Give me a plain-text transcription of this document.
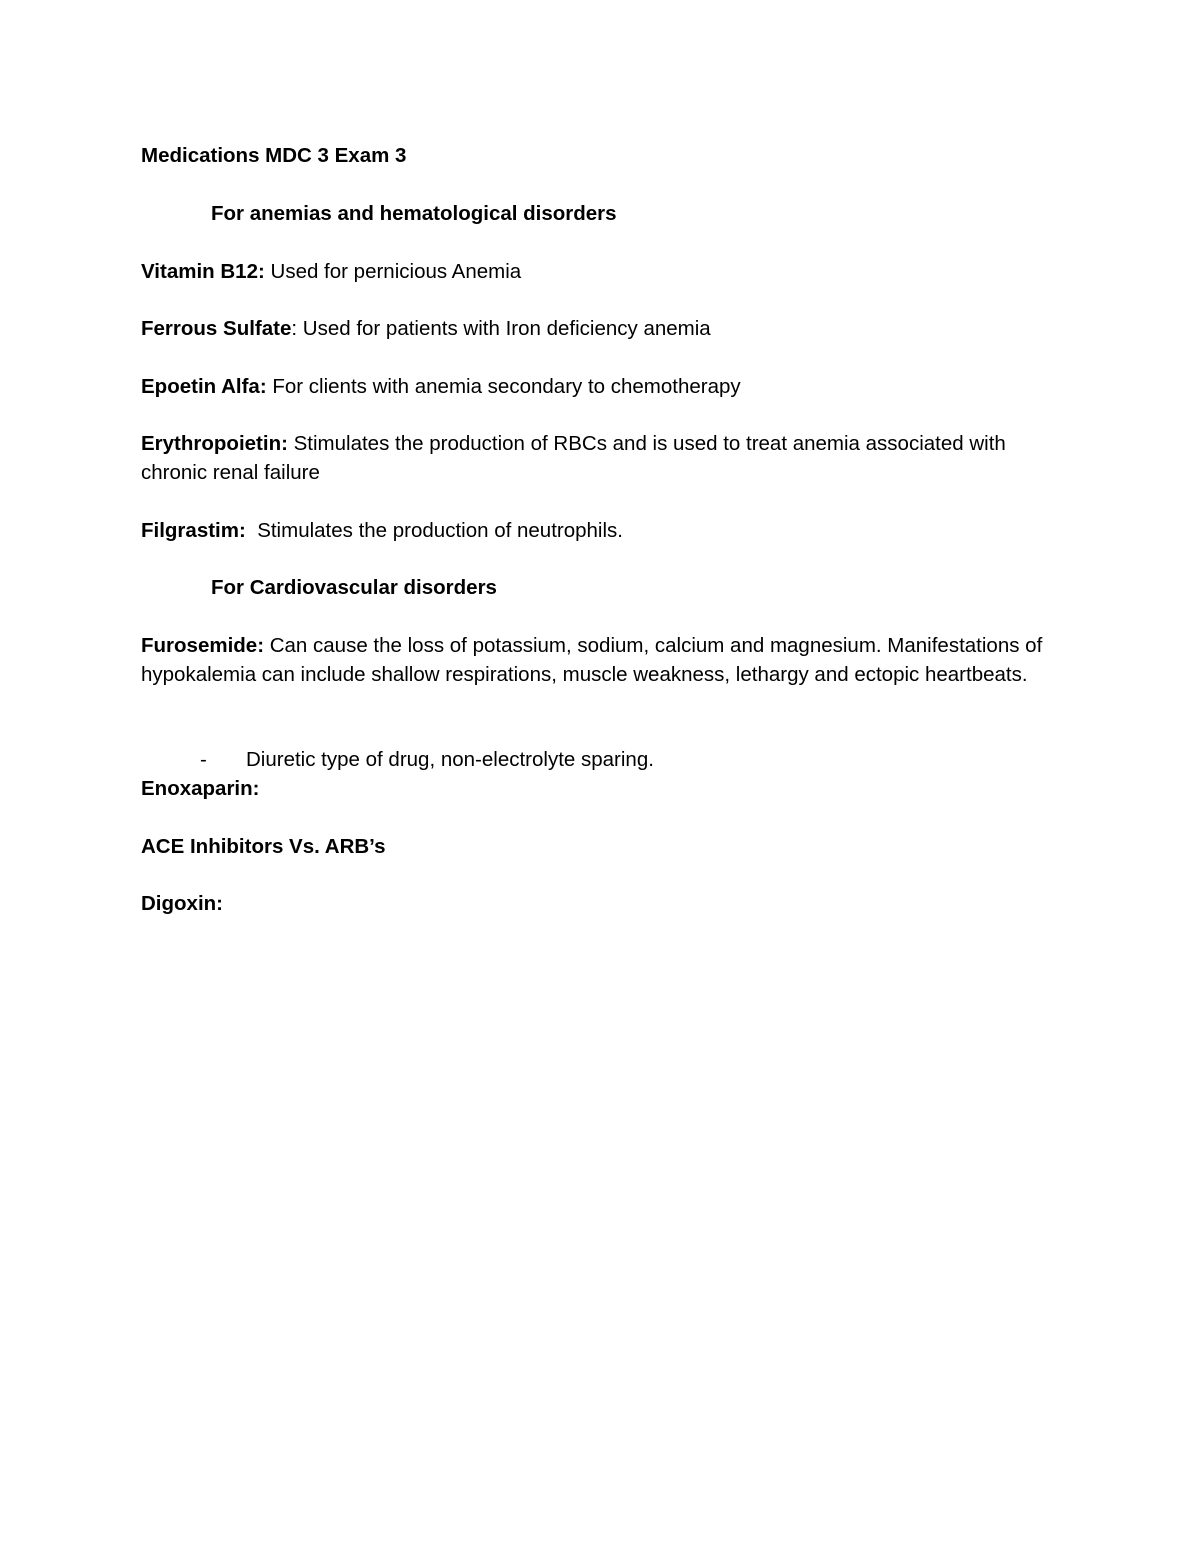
Medications MDC 3 Exam 3
For anemias and hematological disorders
Vitamin B12: Used for pernicious Anemia
Ferrous Sulfate: Used for patients with Iron deficiency anemia
Epoetin Alfa: For clients with anemia secondary to chemotherapy
Erythropoietin: Stimulates the production of RBCs and is used to treat anemia associated with chronic renal failure
Filgrastim:  Stimulates the production of neutrophils.
For Cardiovascular disorders
Furosemide: Can cause the loss of potassium, sodium, calcium and magnesium. Manifestations of hypokalemia can include shallow respirations, muscle weakness, lethargy and ectopic heartbeats.
- Diuretic type of drug, non-electrolyte sparing.
Enoxaparin:
ACE Inhibitors Vs. ARB’s
Digoxin:
